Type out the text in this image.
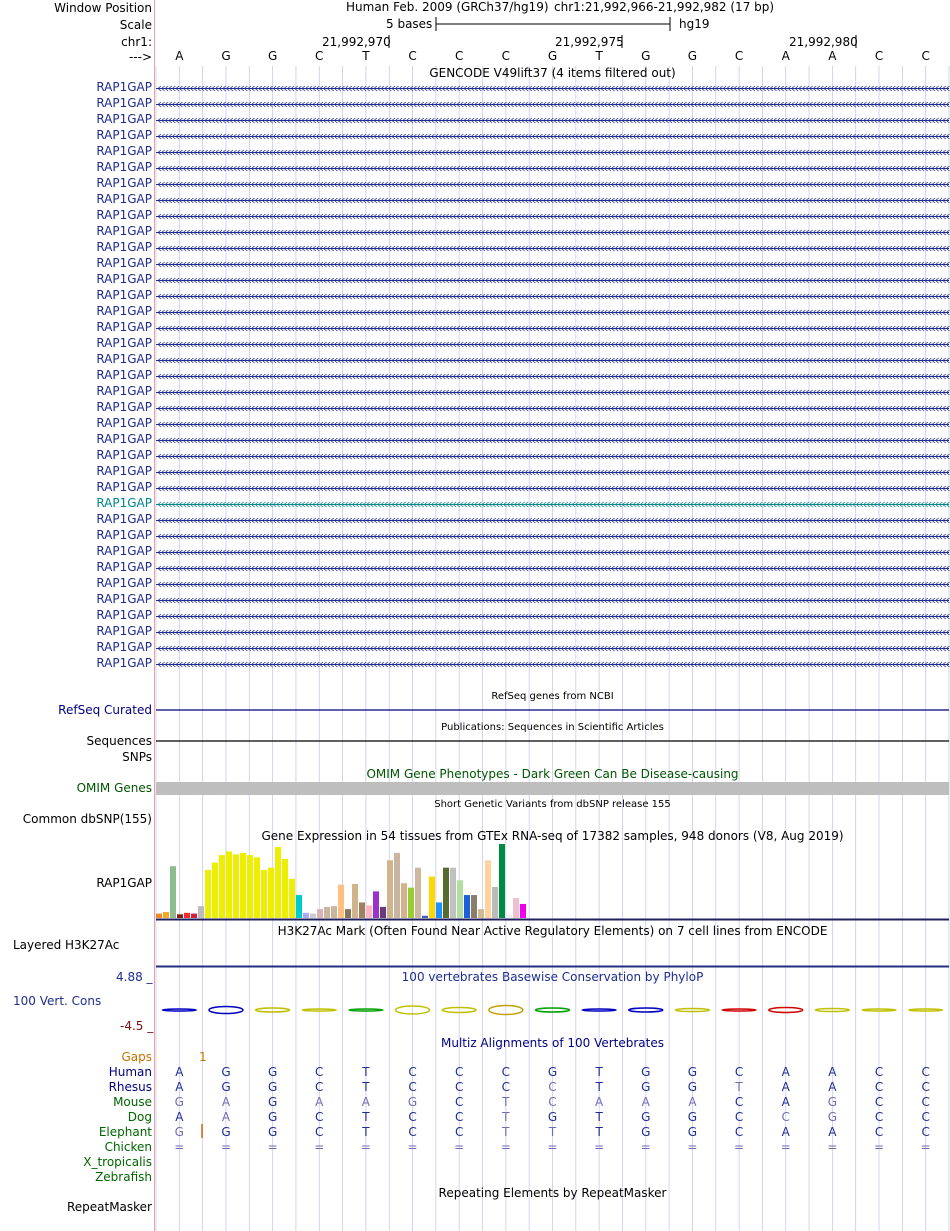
Window Position
Scale
chr1:
--->
Human Feb. 2009 (GRCh37/hg19) chr1:21,992,966-21,992,982 (17 bp)
5 bases	hg19
21,992,970	21,992,975	21,992,980
A	G	G	C	T	C	C	C	G	T	G	G	C	A	A	C	C
GENCODE V49lift37 (4 items filtered out)
RAP1GAP
RAP1GAP
RAP1GAP
RAP1GAP
RAP1GAP
RAP1GAP
RAP1GAP
RAP1GAP
RAP1GAP
RAP1GAP
RAP1GAP
RAP1GAP
RAP1GAP
RAP1GAP
RAP1GAP
RAP1GAP
RAP1GAP
RAP1GAP
RAP1GAP
RAP1GAP
RAP1GAP
RAP1GAP
RAP1GAP
RAP1GAP
RAP1GAP
RAP1GAP
RAP1GAP
RAP1GAP
RAP1GAP
RAP1GAP
RAP1GAP
RAP1GAP
RAP1GAP
RAP1GAP
RAP1GAP
RAP1GAP
RAP1GAP
RefSeq genes from NCBI
RefSeq Curated
Publications: Sequences in Scientific Articles
Sequences
SNPs
OMIM Gene Phenotypes - Dark Green Can Be Disease-causing
OMIM Genes
Short Genetic Variants from dbSNP release 155
Common dbSNP(155)
Gene Expression in 54 tissues from GTEx RNA-seq of 17382 samples, 948 donors (V8, Aug 2019)
RAP1GAP
H3K27Ac Mark (Often Found Near Active Regulatory Elements) on 7 cell lines from ENCODE
Layered H3K27Ac
100 vertebrates Basewise Conservation by PhyloP
4.88 _
100 Vert. Cons
-4.5 _
Multiz Alignments of 100 Vertebrates
Gaps	1
Human	A	G	G	C	T	C	C	C	G	T	G	G	C	A	A	C	C
Rhesus	A	G	G	C	T	C	C	C	C	T	G	G	T	A	A	C	C
Mouse G	A	G	A	A	G	C	T	C	A	A	A	C	A	G	C	C
Dog	A	A	G	C	T	C	C	T	G	T	G	G	C	C	G	C	C
Elephant G	G	G	C	T	C	C	T	T	T	G	G	C	A	A	C	C
Chicken =	=	=	=	=	=	=	=	=	=	=	=	=	=	=	=	=
X_tropicalis
Zebrafish
Repeating Elements by RepeatMasker
RepeatMasker
